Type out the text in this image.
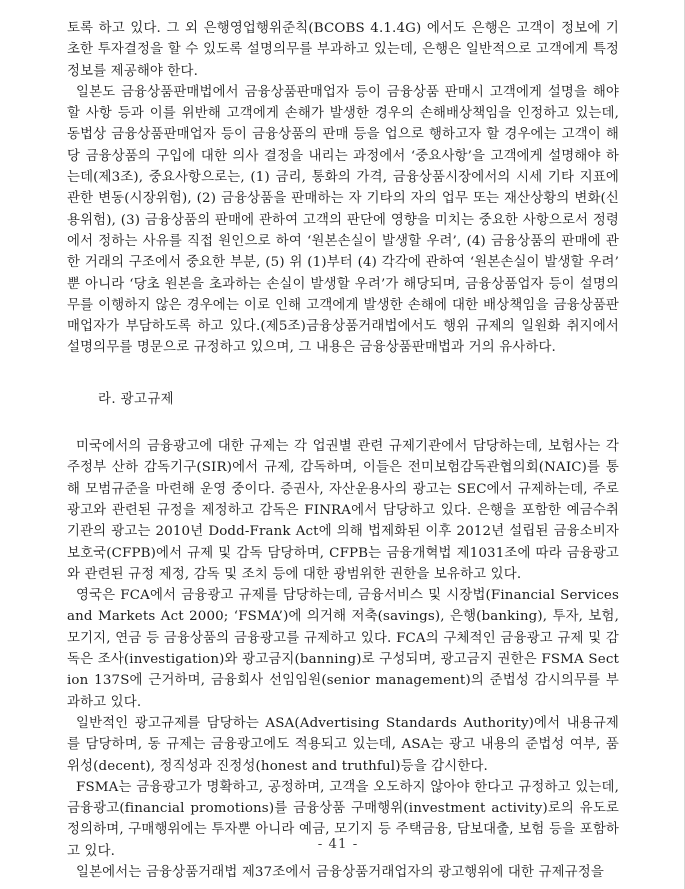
토록 하고 있다. 그 외 은행영업행위준칙(BCOBS 4.1.4G) 에서도 은행은 고객이 정보에 기초한 투자결정을 할 수 있도록 설명의무를 부과하고 있는데, 은행은 일반적으로 고객에게 특정 정보를 제공해야 한다.

일본도 금융상품판매법에서 금융상품판매업자 등이 금융상품 판매시 고객에게 설명을 해야 할 사항 등과 이를 위반해 고객에게 손해가 발생한 경우의 손해배상책임을 인정하고 있는데, 동법상 금융상품판매업자 등이 금융상품의 판매 등을 업으로 행하고자 할 경우에는 고객이 해당 금융상품의 구입에 대한 의사 결정을 내리는 과정에서 ‘중요사항’을 고객에게 설명해야 하는데(제3조), 중요사항으로는, (1) 금리, 통화의 가격, 금융상품시장에서의 시세 기타 지표에 관한 변동(시장위험), (2) 금융상품을 판매하는 자 기타의 자의 업무 또는 재산상황의 변화(신용위험), (3) 금융상품의 판매에 관하여 고객의 판단에 영향을 미치는 중요한 사항으로서 정령에서 정하는 사유를 직접 원인으로 하여 ‘원본손실이 발생할 우려’, (4) 금융상품의 판매에 관한 거래의 구조에서 중요한 부분, (5) 위 (1)부터 (4) 각각에 관하여 ‘원본손실이 발생할 우려’ 뿐 아니라 ‘당초 원본을 초과하는 손실이 발생할 우려’가 해당되며, 금융상품업자 등이 설명의무를 이행하지 않은 경우에는 이로 인해 고객에게 발생한 손해에 대한 배상책임을 금융상품판매업자가 부담하도록 하고 있다.(제5조)금융상품거래법에서도 행위 규제의 일원화 취지에서 설명의무를 명문으로 규정하고 있으며, 그 내용은 금융상품판매법과 거의 유사하다.

라. 광고규제

미국에서의 금융광고에 대한 규제는 각 업권별 관련 규제기관에서 담당하는데, 보험사는 각 주정부 산하 감독기구(SIR)에서 규제, 감독하며, 이들은 전미보험감독관협의회(NAIC)를 통해 모범규준을 마련해 운영 중이다. 증권사, 자산운용사의 광고는 SEC에서 규제하는데, 주로 광고와 관련된 규정을 제정하고 감독은 FINRA에서 담당하고 있다. 은행을 포함한 예금수취기관의 광고는 2010년 Dodd-Frank Act에 의해 법제화된 이후 2012년 설립된 금융소비자보호국(CFPB)에서 규제 및 감독 담당하며, CFPB는 금융개혁법 제1031조에 따라 금융광고와 관련된 규정 제정, 감독 및 조치 등에 대한 광범위한 권한을 보유하고 있다.

영국은 FCA에서 금융광고 규제를 담당하는데, 금융서비스 및 시장법(Financial Services and Markets Act 2000; ‘FSMA’)에 의거해 저축(savings), 은행(banking), 투자, 보험, 모기지, 연금 등 금융상품의 금융광고를 규제하고 있다. FCA의 구체적인 금융광고 규제 및 감독은 조사(investigation)와 광고금지(banning)로 구성되며, 광고금지 권한은 FSMA Section 137S에 근거하며, 금융회사 선임임원(senior management)의 준법성 감시의무를 부과하고 있다.

일반적인 광고규제를 담당하는 ASA(Advertising Standards Authority)에서 내용규제를 담당하며, 동 규제는 금융광고에도 적용되고 있는데, ASA는 광고 내용의 준법성 여부, 품위성(decent), 정직성과 진정성(honest and truthful)등을 감시한다.

FSMA는 금융광고가 명확하고, 공정하며, 고객을 오도하지 않아야 한다고 규정하고 있는데, 금융광고(financial promotions)를 금융상품 구매행위(investment activity)로의 유도로 정의하며, 구매행위에는 투자뿐 아니라 예금, 모기지 등 주택금융, 담보대출, 보험 등을 포함하고 있다.

일본에서는 금융상품거래법 제37조에서 금융상품거래업자의 광고행위에 대한 규제규정을

- 41 -
